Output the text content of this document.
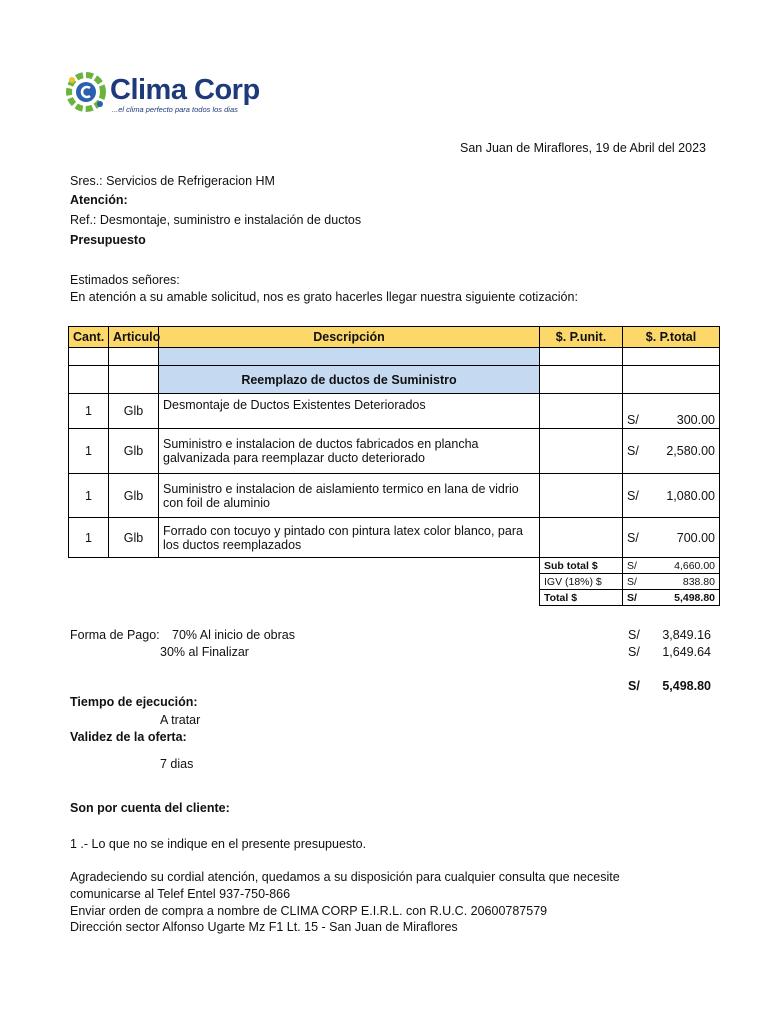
Clima Corp
...el clima perfecto para todos los dias
San Juan de Miraflores, 19 de Abril del 2023
Sres.: Servicios de Refrigeracion HM
Atención:
Ref.: Desmontaje, suministro e instalación de ductos
Presupuesto
Estimados señores:
En atención a su amable solicitud, nos es grato hacerles llegar nuestra siguiente cotización:
Cant.	Articulo	Descripción	$. P.unit.	$. P.total

		Reemplazo de ductos de Suministro		
1	Glb	Desmontaje de Ductos Existentes Deteriorados		S/ 300.00

1	Glb	Suministro e instalacion de ductos fabricados en plancha galvanizada para reemplazar ducto deteriorado		S/ 2,580.00

1	Glb	Suministro e instalacion de aislamiento termico en lana de vidrio con foil de aluminio		S/ 1,080.00

1	Glb	Forrado con tocuyo y pintado con pintura latex color blanco, para los ductos reemplazados		S/ 700.00

			Sub total $	S/ 4,660.00

			IGV (18%) $	S/ 838.80

			Total $	S/ 5,498.80
Forma de Pago: 70% Al inicio de obras	S/	3,849.16
30% al Finalizar	S/	1,649.64
S/	5,498.80
Tiempo de ejecución:
A tratar
Validez de la oferta:
7 dias
Son por cuenta del cliente:
1 .- Lo que no se indique en el presente presupuesto.
Agradeciendo su cordial atención, quedamos a su disposición para cualquier consulta que necesite
comunicarse al Telef Entel 937-750-866
Enviar orden de compra a nombre de CLIMA CORP E.I.R.L. con R.U.C. 20600787579
Dirección sector Alfonso Ugarte Mz F1 Lt. 15 - San Juan de Miraflores
